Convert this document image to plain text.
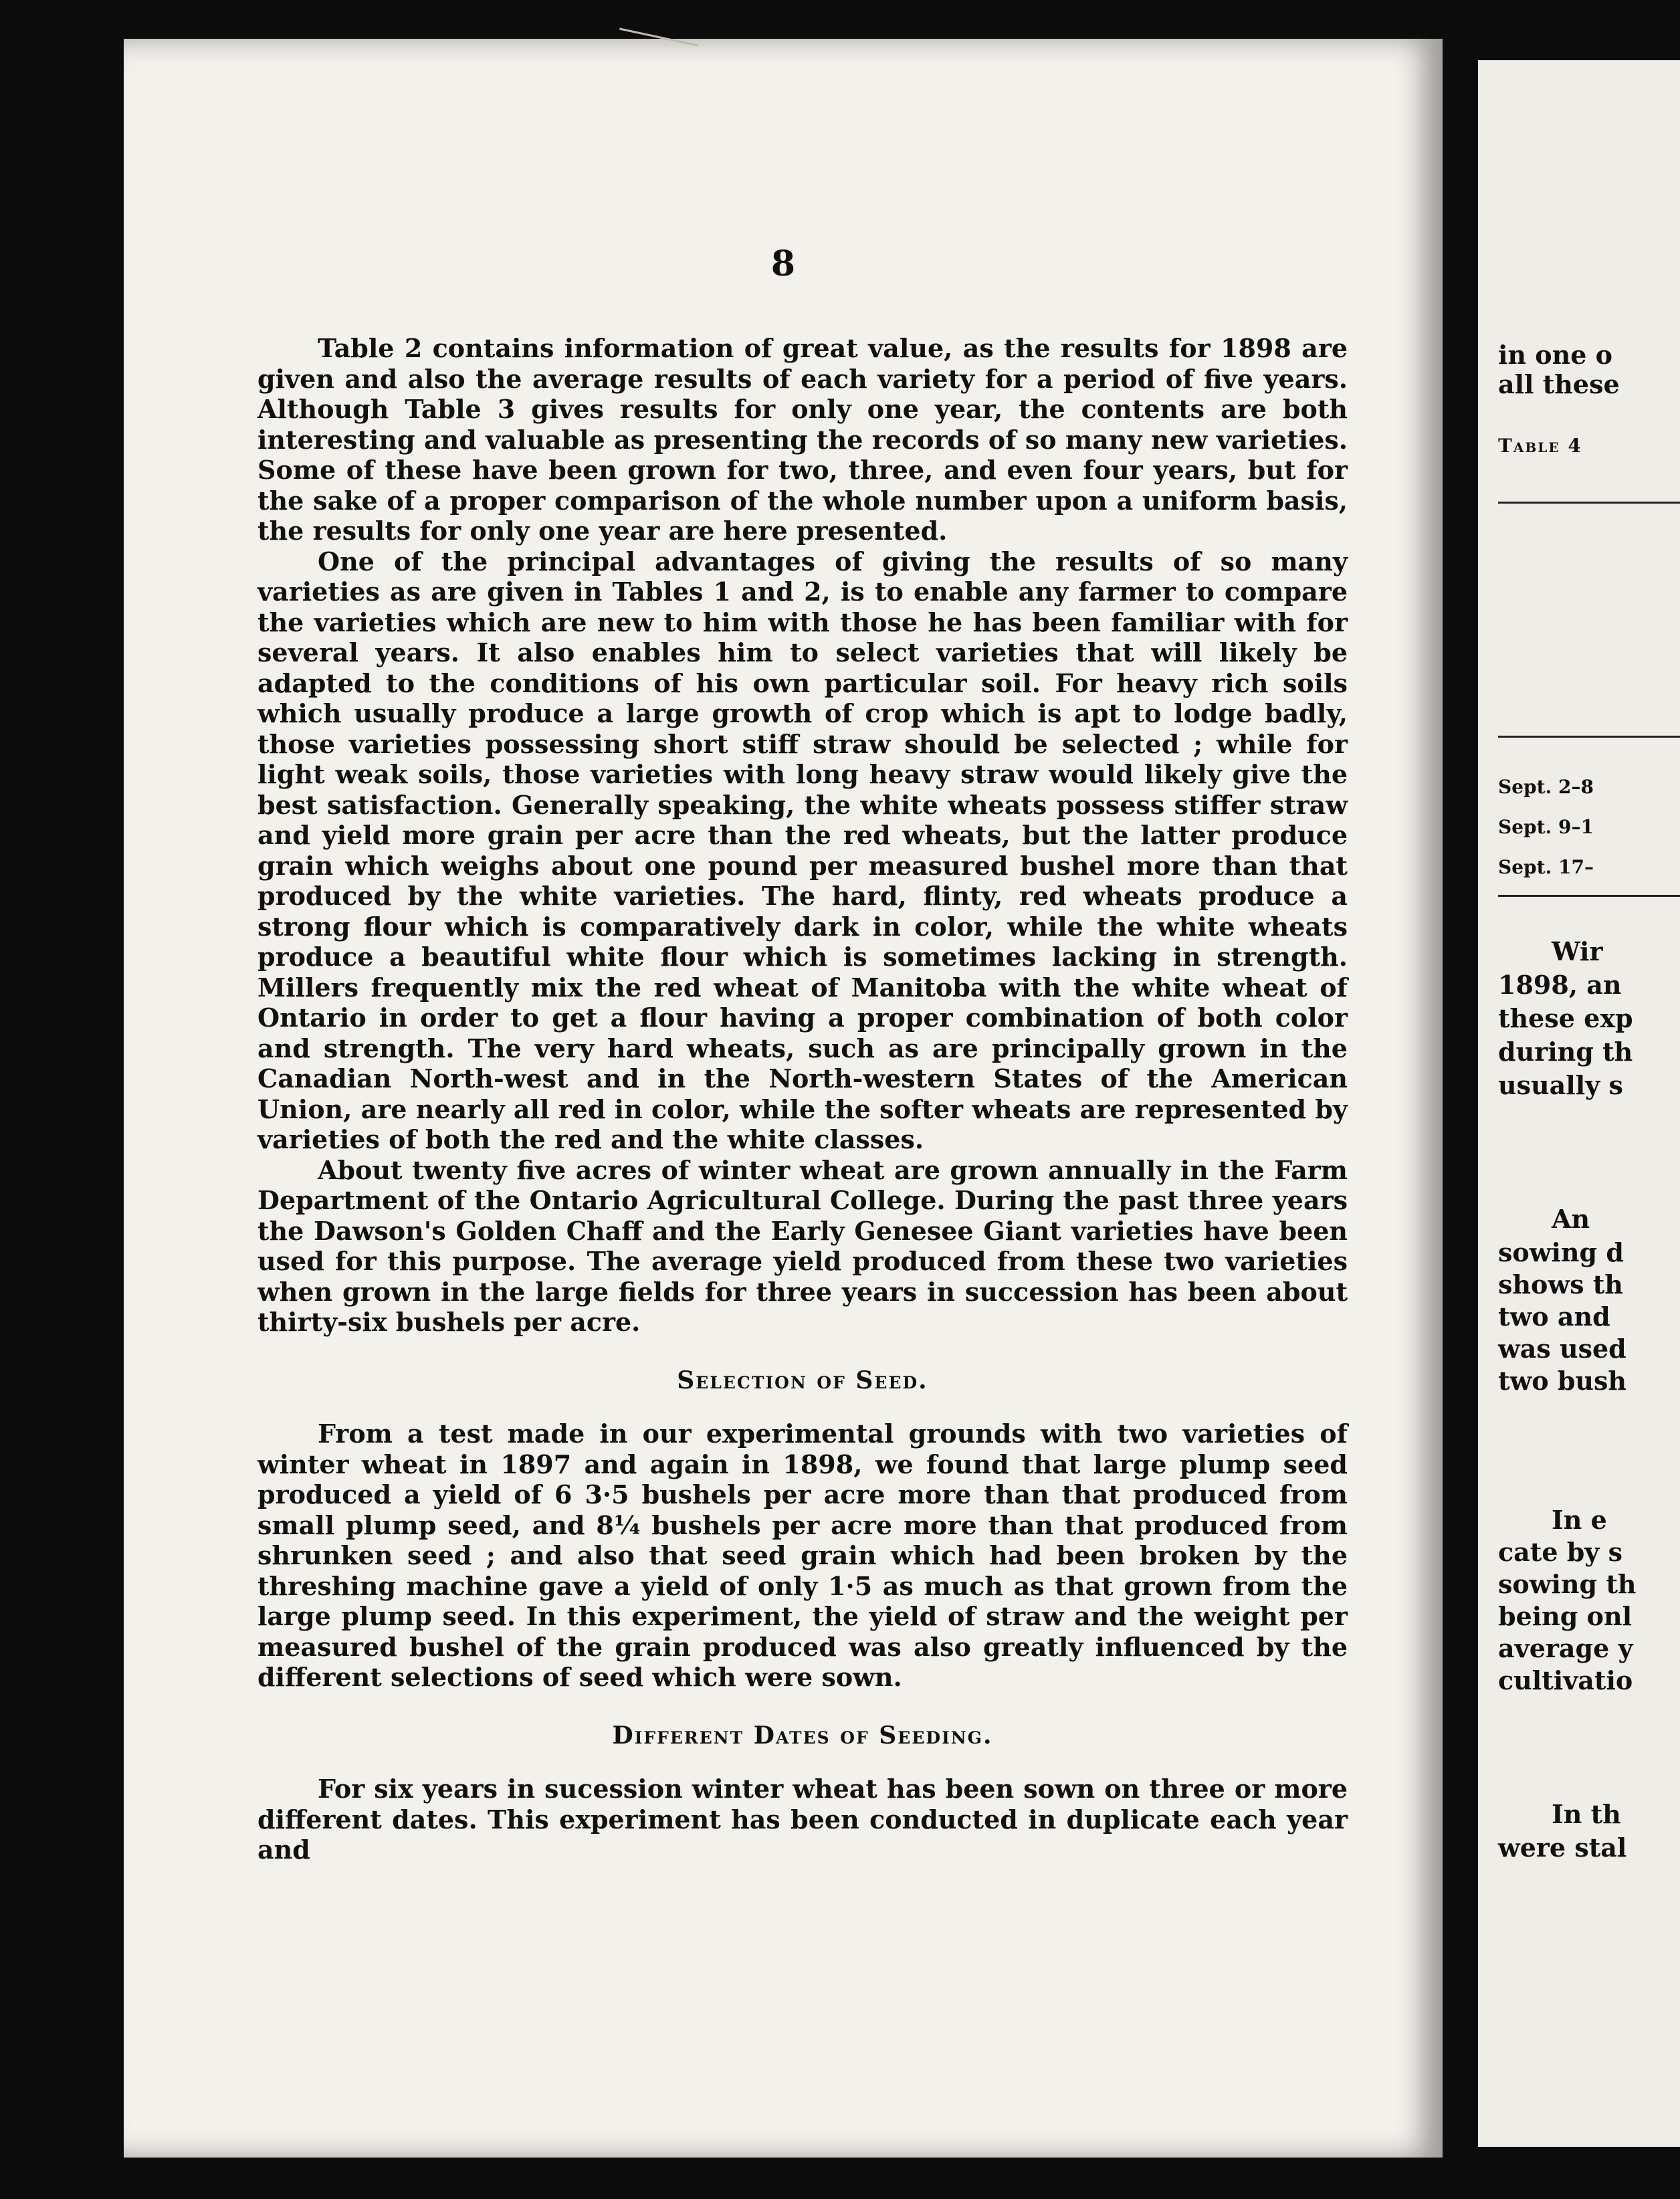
8

Table 2 contains information of great value, as the results for 1898 are given and also the average results of each variety for a period of five years. Although Table 3 gives results for only one year, the contents are both interesting and valuable as presenting the records of so many new varieties. Some of these have been grown for two, three, and even four years, but for the sake of a proper comparison of the whole number upon a uniform basis, the results for only one year are here presented.

One of the principal advantages of giving the results of so many varieties as are given in Tables 1 and 2, is to enable any farmer to compare the varieties which are new to him with those he has been familiar with for several years. It also enables him to select varieties that will likely be adapted to the conditions of his own particular soil. For heavy rich soils which usually produce a large growth of crop which is apt to lodge badly, those varieties possessing short stiff straw should be selected ; while for light weak soils, those varieties with long heavy straw would likely give the best satisfaction. Generally speaking, the white wheats possess stiffer straw and yield more grain per acre than the red wheats, but the latter produce grain which weighs about one pound per measured bushel more than that produced by the white varieties. The hard, flinty, red wheats produce a strong flour which is comparatively dark in color, while the white wheats produce a beautiful white flour which is sometimes lacking in strength. Millers frequently mix the red wheat of Manitoba with the white wheat of Ontario in order to get a flour having a proper combination of both color and strength. The very hard wheats, such as are principally grown in the Canadian North-west and in the North-western States of the American Union, are nearly all red in color, while the softer wheats are represented by varieties of both the red and the white classes.

About twenty five acres of winter wheat are grown annually in the Farm Department of the Ontario Agricultural College. During the past three years the Dawson's Golden Chaff and the Early Genesee Giant varieties have been used for this purpose. The average yield produced from these two varieties when grown in the large fields for three years in succession has been about thirty-six bushels per acre.

Selection of Seed.

From a test made in our experimental grounds with two varieties of winter wheat in 1897 and again in 1898, we found that large plump seed produced a yield of 6 3·5 bushels per acre more than that produced from small plump seed, and 8¼ bushels per acre more than that produced from shrunken seed ; and also that seed grain which had been broken by the threshing machine gave a yield of only 1·5 as much as that grown from the large plump seed. In this experiment, the yield of straw and the weight per measured bushel of the grain produced was also greatly influenced by the different selections of seed which were sown.

Different Dates of Seeding.

For six years in sucession winter wheat has been sown on three or more different dates. This experiment has been conducted in duplicate each year and

in one o
all these
Table 4
Sept. 2–8
Sept. 9–1
Sept. 17–
Wir
1898, an
these exp
during th
usually s
An
sowing d
shows th
two and
was used
two bush
In e
cate by s
sowing th
being onl
average y
cultivatio
In th
were stal
